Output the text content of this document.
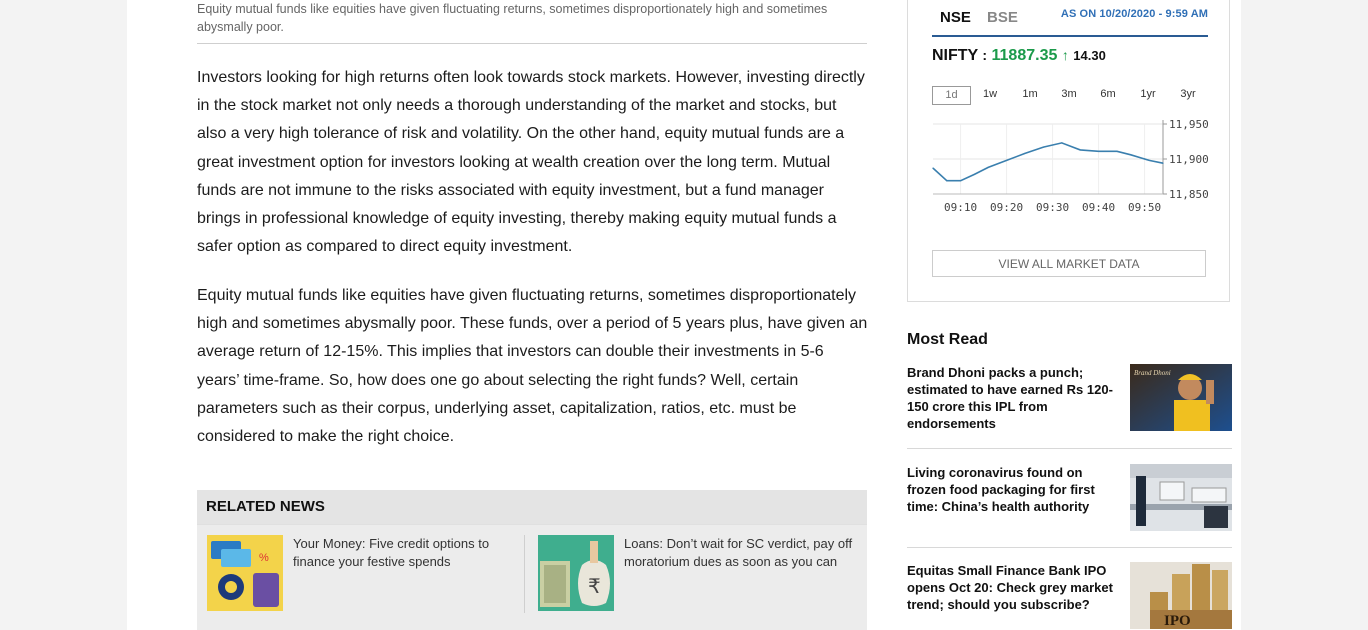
Equity mutual funds like equities have given fluctuating returns, sometimes disproportionately high and sometimes abysmally poor.

Investors looking for high returns often look towards stock markets. However, investing directly in the stock market not only needs a thorough understanding of the market and stocks, but also a very high tolerance of risk and volatility. On the other hand, equity mutual funds are a great investment option for investors looking at wealth creation over the long term. Mutual funds are not immune to the risks associated with equity investment, but a fund manager brings in professional knowledge of equity investing, thereby making equity mutual funds a safer option as compared to direct equity investment.

Equity mutual funds like equities have given fluctuating returns, sometimes disproportionately high and sometimes abysmally poor. These funds, over a period of 5 years plus, have given an average return of 12-15%. This implies that investors can double their investments in 5-6 years’ time-frame. So, how does one go about selecting the right funds? Well, certain parameters such as their corpus, underlying asset, capitalization, ratios, etc. must be considered to make the right choice.

RELATED NEWS
%
Your Money: Five credit options to finance your festive spends
₹
Loans: Don’t wait for SC verdict, pay off moratorium dues as soon as you can
NSE BSE	AS ON 10/20/2020 - 9:59 AM
NIFTY : 11887.35 ↑ 14.30
1d	1w	1m	3m	6m	1yr	3yr
11,950
11,900
11,850
09:10 09:20 09:30 09:40 09:50
VIEW ALL MARKET DATA
Most Read
Brand Dhoni packs a punch; estimated to have earned Rs 120-150 crore this IPL from endorsements
Brand Dhoni
Living coronavirus found on frozen food packaging for first time: China’s health authority
Equitas Small Finance Bank IPO opens Oct 20: Check grey market trend; should you subscribe?
IPO
